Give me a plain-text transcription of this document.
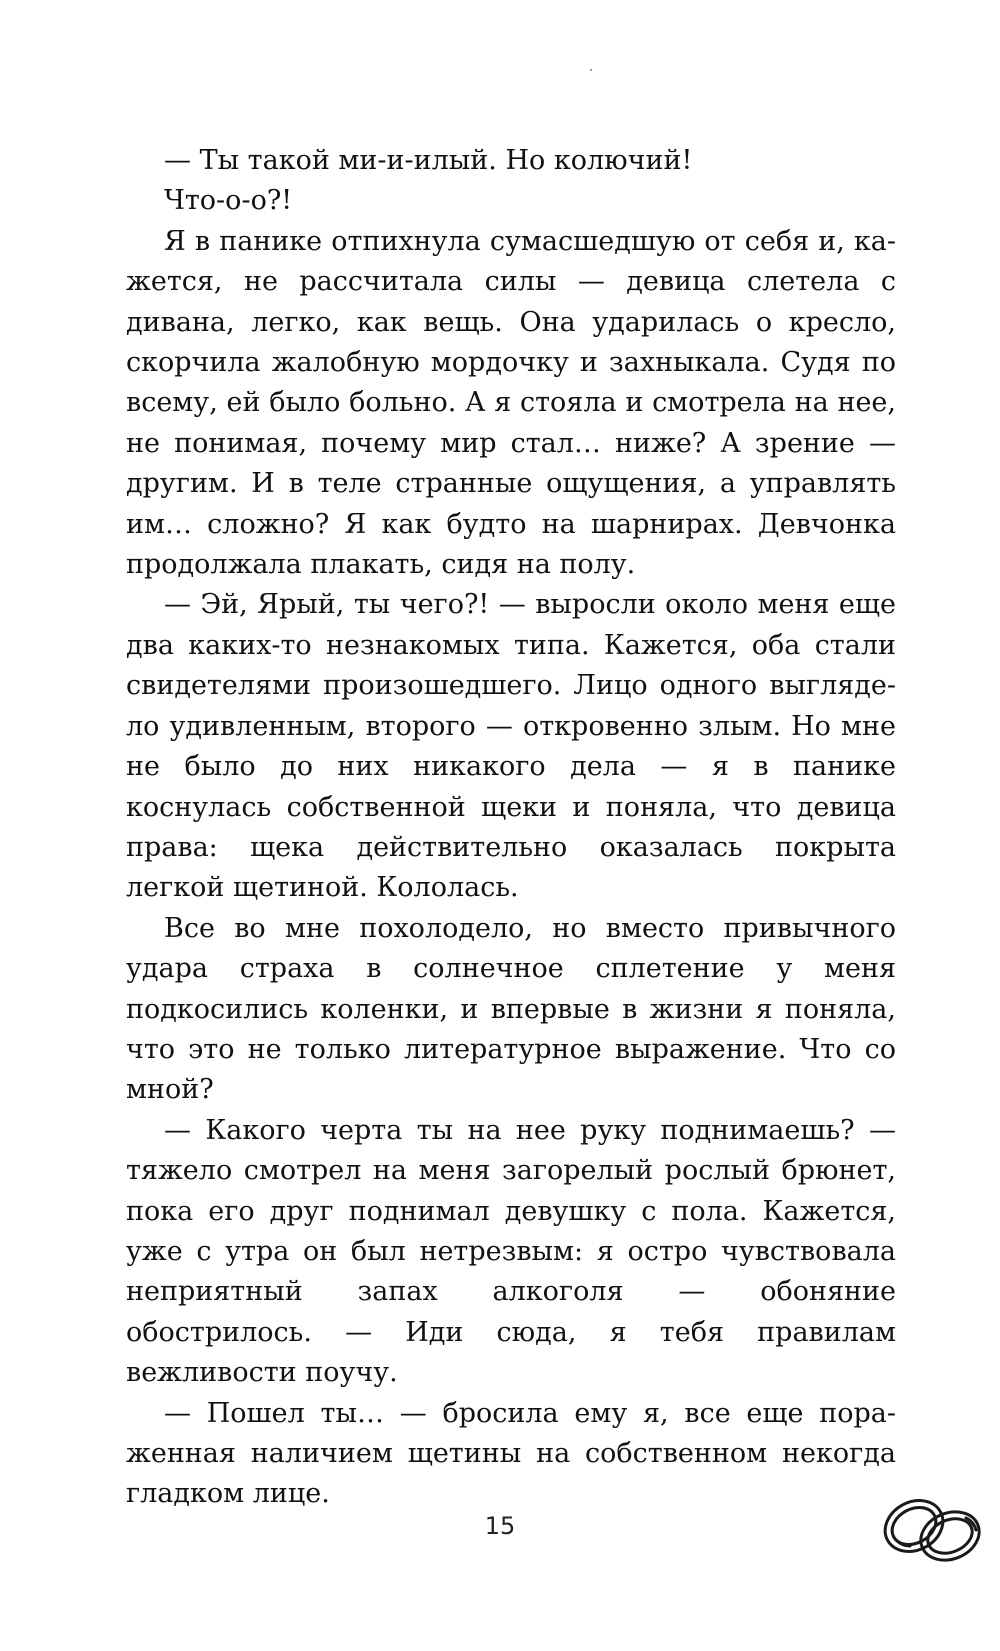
— Ты такой ми-и-илый. Но колючий!

Что-о-о?!

Я в панике отпихнула сумасшедшую от себя и, кажется, не рассчитала силы — девица слетела с дивана, легко, как вещь. Она ударилась о кресло, скорчила жалобную мордочку и захныкала. Судя по всему, ей было больно. А я стояла и смотрела на нее, не понимая, почему мир стал… ниже? А зрение — другим. И в теле странные ощущения, а управлять им… сложно? Я как будто на шарнирах. Девчонка продолжала плакать, сидя на полу.

— Эй, Ярый, ты чего?! — выросли около меня еще два каких-то незнакомых типа. Кажется, оба стали свидетелями произошедшего. Лицо одного выглядело удивленным, второго — откровенно злым. Но мне не было до них никакого дела — я в панике коснулась собственной щеки и поняла, что девица права: щека действительно оказалась покрыта легкой щетиной. Кололась.

Все во мне похолодело, но вместо привычного удара страха в солнечное сплетение у меня подкосились коленки, и впервые в жизни я поняла, что это не только литературное выражение. Что со мной?

— Какого черта ты на нее руку поднимаешь? — тяжело смотрел на меня загорелый рослый брюнет, пока его друг поднимал девушку с пола. Кажется, уже с утра он был нетрезвым: я остро чувствовала неприятный запах алкоголя — обоняние обострилось. — Иди сюда, я тебя правилам вежливости поучу.

— Пошел ты… — бросила ему я, все еще пораженная наличием щетины на собственном некогда гладком лице.

15
